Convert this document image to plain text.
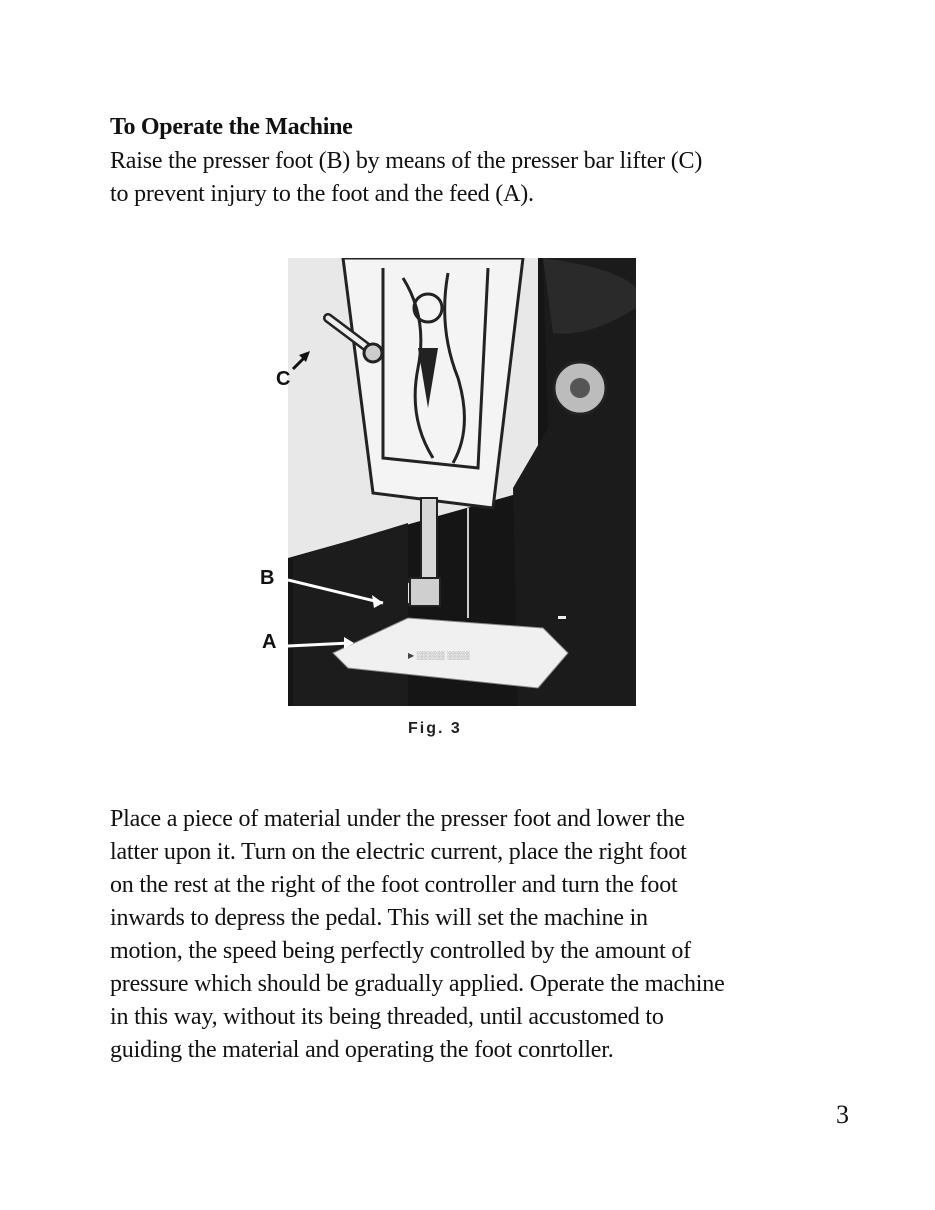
To Operate the Machine
Raise the presser foot (B) by means of the presser bar lifter (C)
to prevent injury to the foot and the feed (A).
▶ ░░░░░ ░░░░
C
B
A
Fig. 3
Place a piece of material under the presser foot and lower the
latter upon it. Turn on the electric current, place the right foot
on the rest at the right of the foot controller and turn the foot
inwards to depress the pedal. This will set the machine in
motion, the speed being perfectly controlled by the amount of
pressure which should be gradually applied. Operate the machine
in this way, without its being threaded, until accustomed to
guiding the material and operating the foot conrtoller.
3
